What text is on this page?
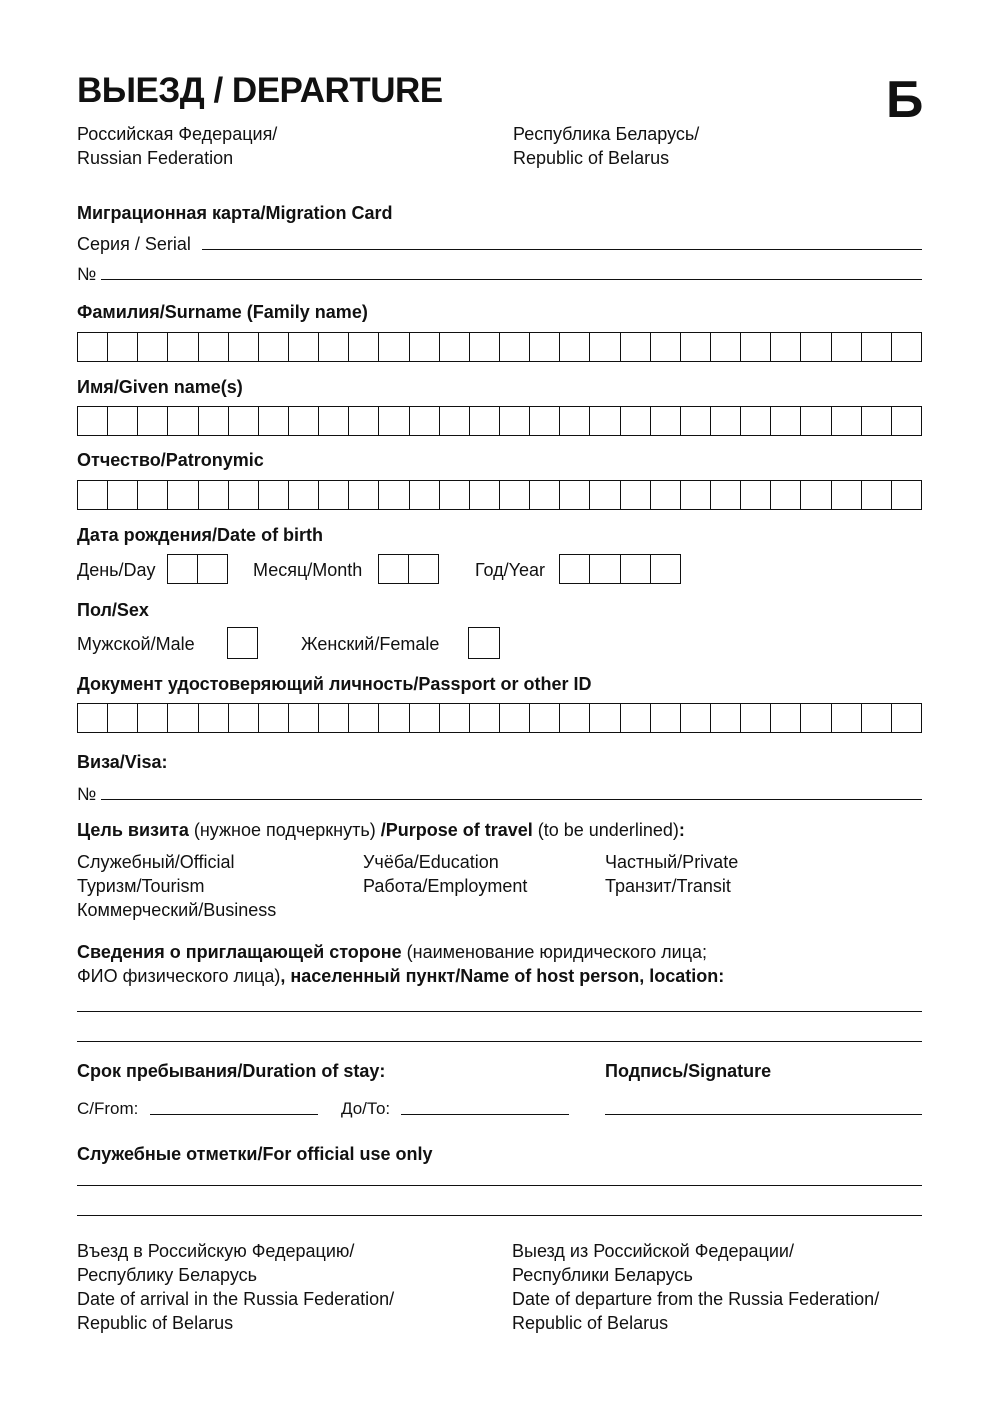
ВЫЕЗД / DEPARTURE	Б
Российская Федерация/
Russian Federation
Республика Беларусь/
Republic of Belarus
Миграционная карта/Migration Card
Серия / Serial
№
Фамилия/Surname (Family name)
Имя/Given name(s)
Отчество/Patronymic
Дата рождения/Date of birth
День/Day	Месяц/Month	Год/Year
Пол/Sex
Мужской/Male	Женский/Female
Документ удостоверяющий личность/Passport or other ID
Виза/Visa:
№
Цель визита (нужное подчеркнуть) /Purpose of travel (to be underlined):
Служебный/Official
Туризм/Tourism
Коммерческий/Business
Учёба/Education
Работа/Employment
Частный/Private
Транзит/Transit
Сведения о приглащающей стороне (наименование юридического лица;
ФИО физического лица), населенный пункт/Name of host person, location:
Срок пребывания/Duration of stay:	Подпись/Signature
С/From:	До/То:
Служебные отметки/For official use only
Въезд в Российскую Федерацию/
Республику Беларусь
Date of arrival in the Russia Federation/
Republic of Belarus
Выезд из Российской Федерации/
Республики Беларусь
Date of departure from the Russia Federation/
Republic of Belarus
